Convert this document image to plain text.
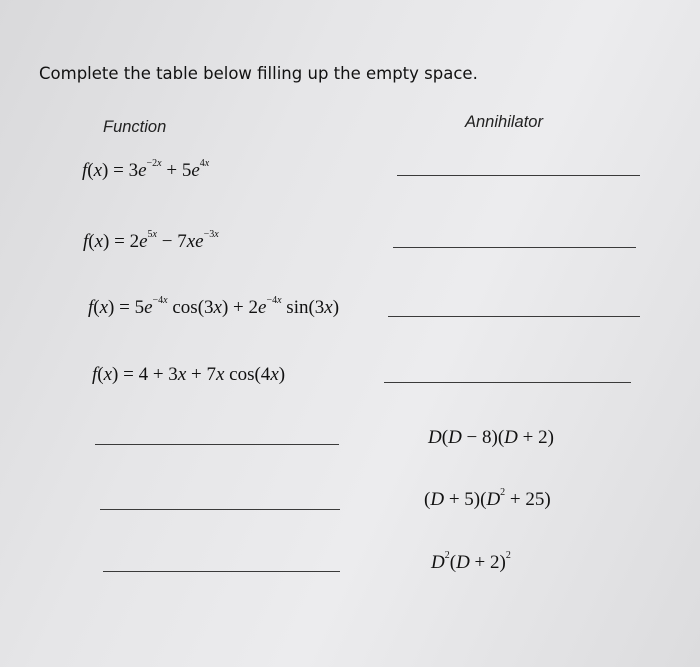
Complete the table below filling up the empty space.
Function	Annihilator
$f(x) = 3e^{-2x} + 5e^{4x}$
$f(x) = 2e^{5x} - 7xe^{-3x}$
$f(x) = 5e^{-4x}$ $\cos(3x) + 2e^{-4x}$ sin(3x)
f(x) = 4 + 3x + 7x cos(4x)
D(D − 8)(D + 2)
$(D + 5)(D^2 + 25)$
$D^2(D + 2)^2$
